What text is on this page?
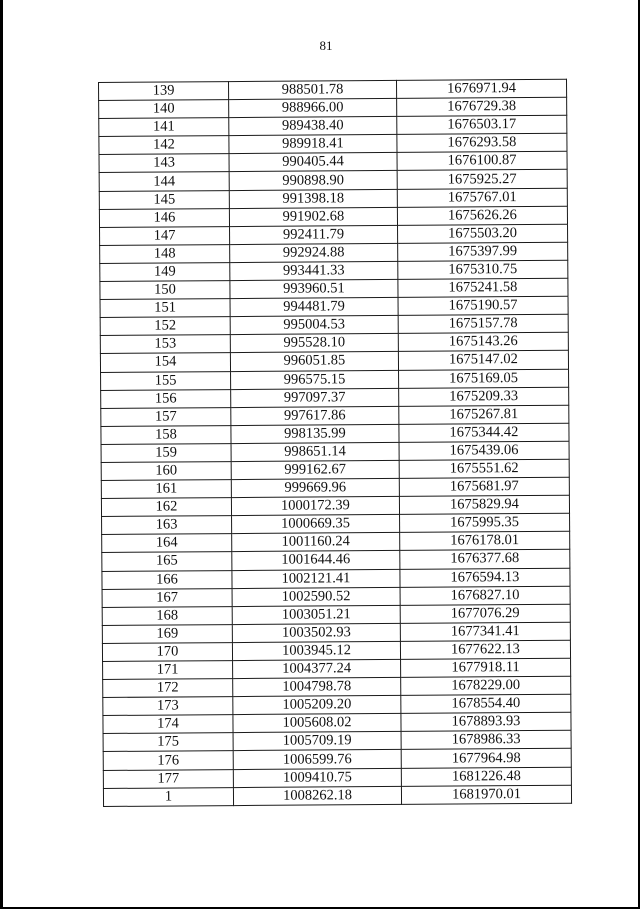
81
139	988501.78	1676971.94
140	988966.00	1676729.38
141	989438.40	1676503.17
142	989918.41	1676293.58
143	990405.44	1676100.87
144	990898.90	1675925.27
145	991398.18	1675767.01
146	991902.68	1675626.26
147	992411.79	1675503.20
148	992924.88	1675397.99
149	993441.33	1675310.75
150	993960.51	1675241.58
151	994481.79	1675190.57
152	995004.53	1675157.78
153	995528.10	1675143.26
154	996051.85	1675147.02
155	996575.15	1675169.05
156	997097.37	1675209.33
157	997617.86	1675267.81
158	998135.99	1675344.42
159	998651.14	1675439.06
160	999162.67	1675551.62
161	999669.96	1675681.97
162	1000172.39	1675829.94
163	1000669.35	1675995.35
164	1001160.24	1676178.01
165	1001644.46	1676377.68
166	1002121.41	1676594.13
167	1002590.52	1676827.10
168	1003051.21	1677076.29
169	1003502.93	1677341.41
170	1003945.12	1677622.13
171	1004377.24	1677918.11
172	1004798.78	1678229.00
173	1005209.20	1678554.40
174	1005608.02	1678893.93
175	1005709.19	1678986.33
176	1006599.76	1677964.98
177	1009410.75	1681226.48
1	1008262.18	1681970.01
